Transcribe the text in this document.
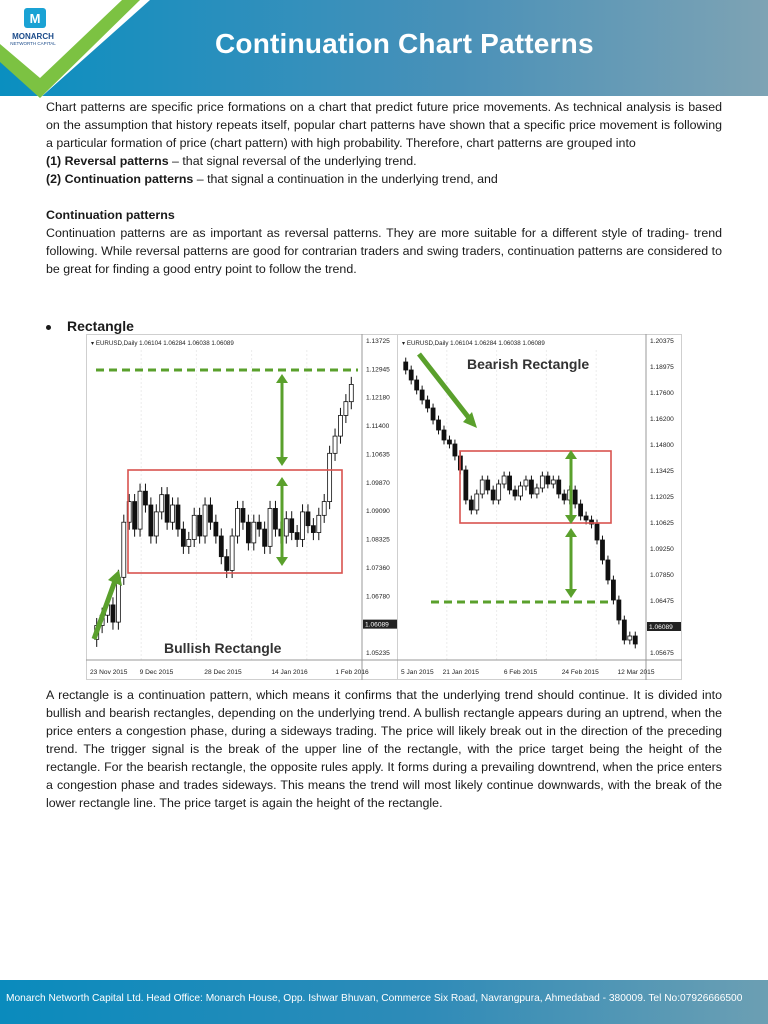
Continuation Chart Patterns
M
MONARCH
NETWORTH CAPITAL

Chart patterns are specific price formations on a chart that predict future price movements. As technical analysis is based on the assumption that history repeats itself, popular chart patterns have shown that a specific price movement is following a particular formation of price (chart pattern) with high probability. Therefore, chart patterns are grouped into

(1) Reversal patterns – that signal reversal of the underlying trend.

(2) Continuation patterns – that signal a continuation in the underlying trend, and

Continuation patterns

Continuation patterns are as important as reversal patterns. They are more suitable for a different style of trading- trend following. While reversal patterns are good for contrarian traders and swing traders, continuation patterns are considered to be great for finding a good entry point to follow the trend.

Rectangle
▾ EURUSD,Daily 1.06104 1.06284 1.06038 1.06089	1.13725
1.12945
1.12180
1.11400
1.10635
1.09870
1.09090
1.08325
1.07360
1.06780
1.06089
1.05235
23 Nov 2015 9 Dec 2015	28 Dec 2015	14 Jan 2016	1 Feb 2016
Bullish Rectangle
▾ EURUSD,Daily 1.06104 1.06284 1.06038 1.06089	1.20375
1.18975
1.17600
1.16200
1.14800
1.13425
1.12025
1.10625
1.09250
1.07850
1.06475
1.06089
1.05675
5 Jan 2015 21 Jan 2015	6 Feb 2015	24 Feb 2015	12 Mar 2015
Bearish Rectangle
A rectangle is a continuation pattern, which means it confirms that the underlying trend should continue. It is divided into bullish and bearish rectangles, depending on the underlying trend. A bullish rectangle appears during an uptrend, when the price enters a congestion phase, during a sideways trading. The price will likely break out in the direction of the preceding trend. The trigger signal is the break of the upper line of the rectangle, with the price target being the height of the rectangle. For the bearish rectangle, the opposite rules apply. It forms during a prevailing downtrend, when the price enters a congestion phase and trades sideways. This means the trend will most likely continue downwards, with the break of the lower rectangle line. The price target is again the height of the rectangle.
Monarch Networth Capital Ltd. Head Office: Monarch House, Opp. Ishwar Bhuvan, Commerce Six Road, Navrangpura, Ahmedabad - 380009. Tel No:07926666500
